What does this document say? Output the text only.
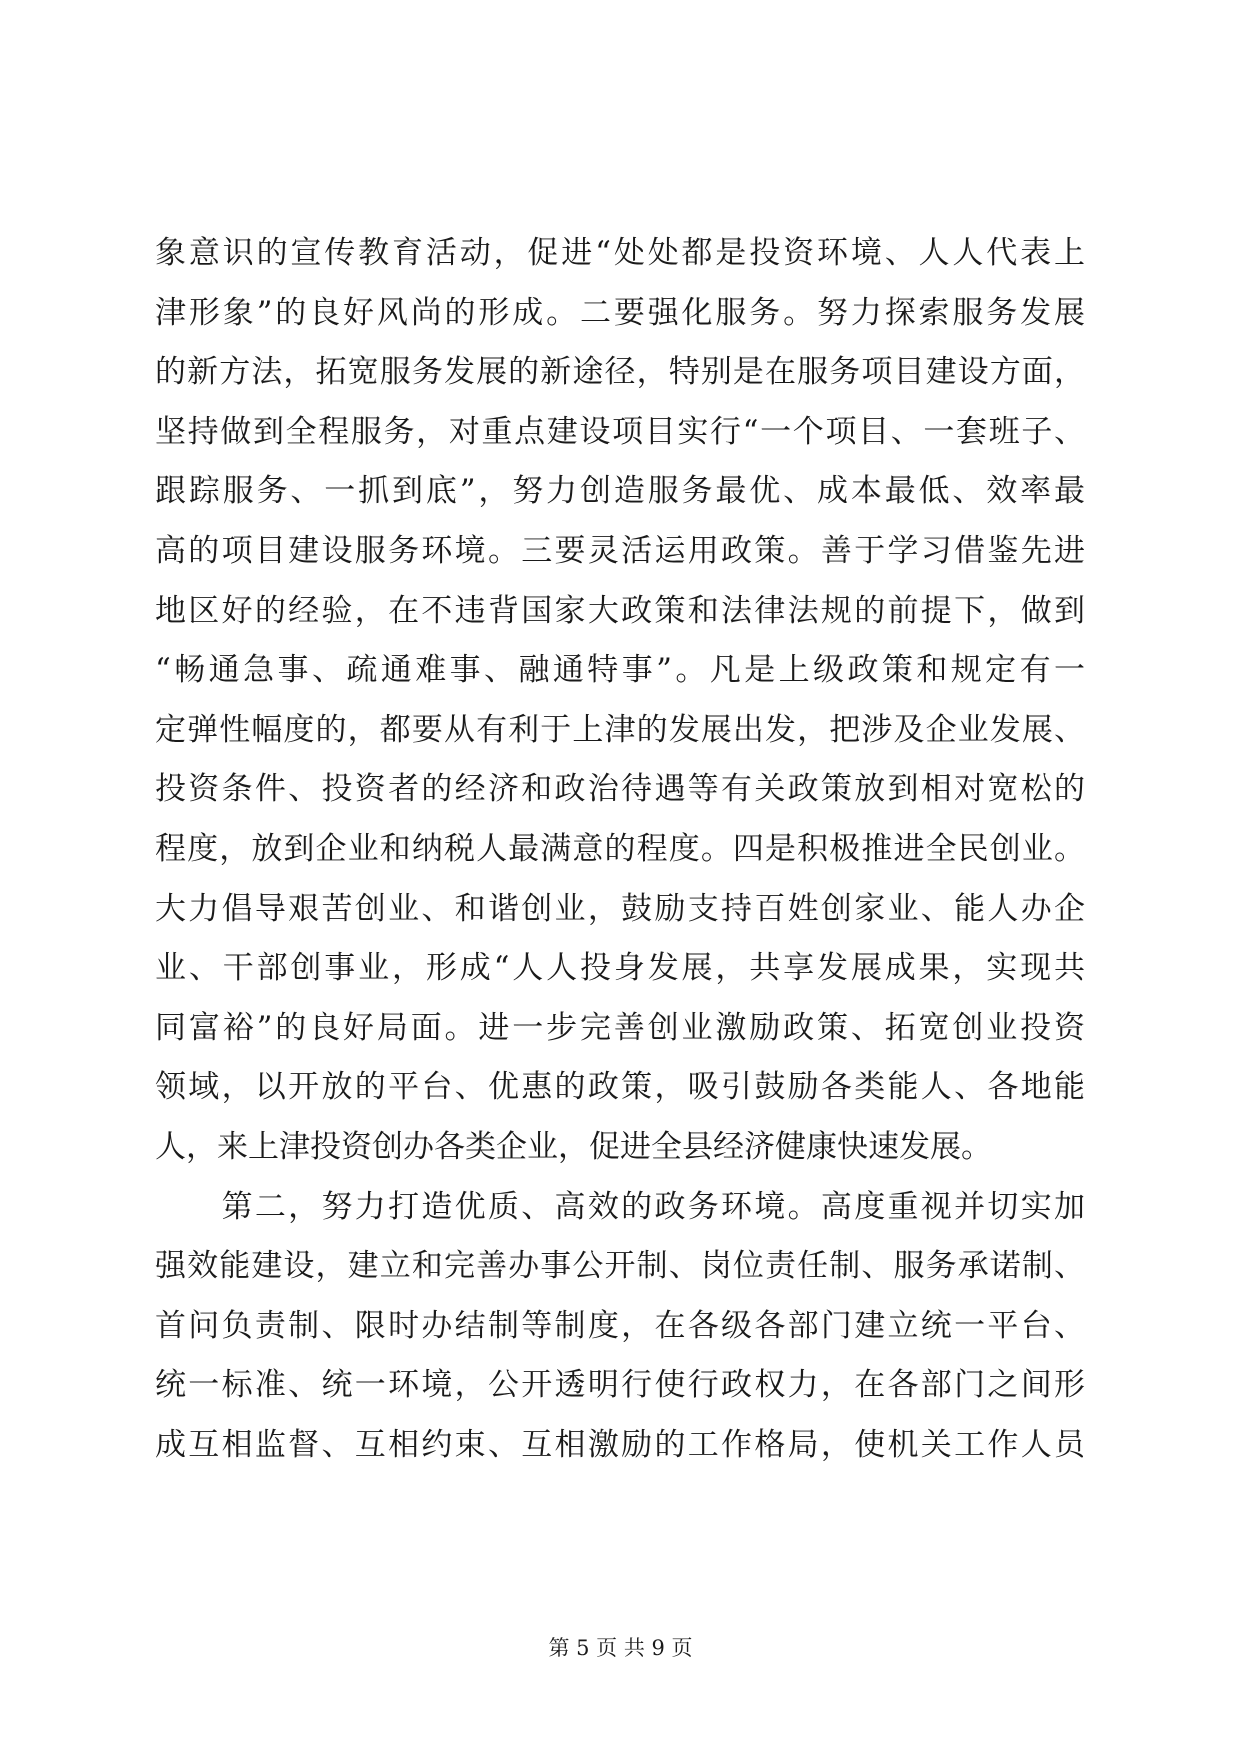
象意识的宣传教育活动，促进“处处都是投资环境、人人代表上
津形象”的良好风尚的形成。二要强化服务。努力探索服务发展
的新方法，拓宽服务发展的新途径，特别是在服务项目建设方面，
坚持做到全程服务，对重点建设项目实行“一个项目、一套班子、
跟踪服务、一抓到底”，努力创造服务最优、成本最低、效率最
高的项目建设服务环境。三要灵活运用政策。善于学习借鉴先进
地区好的经验，在不违背国家大政策和法律法规的前提下，做到
“畅通急事、疏通难事、融通特事”。凡是上级政策和规定有一
定弹性幅度的，都要从有利于上津的发展出发，把涉及企业发展、
投资条件、投资者的经济和政治待遇等有关政策放到相对宽松的
程度，放到企业和纳税人最满意的程度。四是积极推进全民创业。
大力倡导艰苦创业、和谐创业，鼓励支持百姓创家业、能人办企
业、干部创事业，形成“人人投身发展，共享发展成果，实现共
同富裕”的良好局面。进一步完善创业激励政策、拓宽创业投资
领域，以开放的平台、优惠的政策，吸引鼓励各类能人、各地能
人，来上津投资创办各类企业，促进全县经济健康快速发展。
　　第二，努力打造优质、高效的政务环境。高度重视并切实加
强效能建设，建立和完善办事公开制、岗位责任制、服务承诺制、
首问负责制、限时办结制等制度，在各级各部门建立统一平台、
统一标准、统一环境，公开透明行使行政权力，在各部门之间形
成互相监督、互相约束、互相激励的工作格局，使机关工作人员
第 5 页 共 9 页
